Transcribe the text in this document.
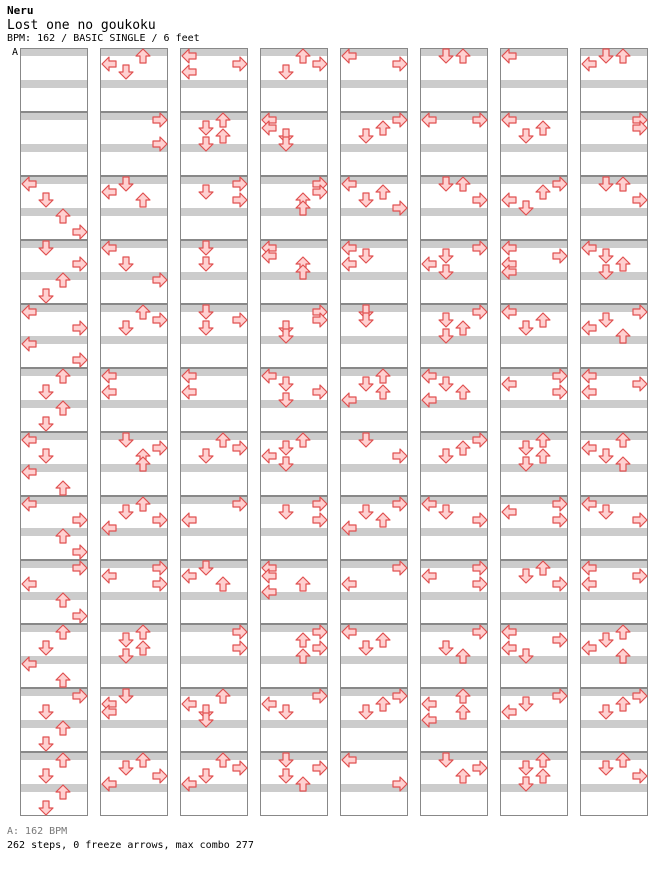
Neru
Lost one no goukoku
BPM: 162 / BASIC SINGLE / 6 feet
A
A: 162 BPM
262 steps, 0 freeze arrows, max combo 277
